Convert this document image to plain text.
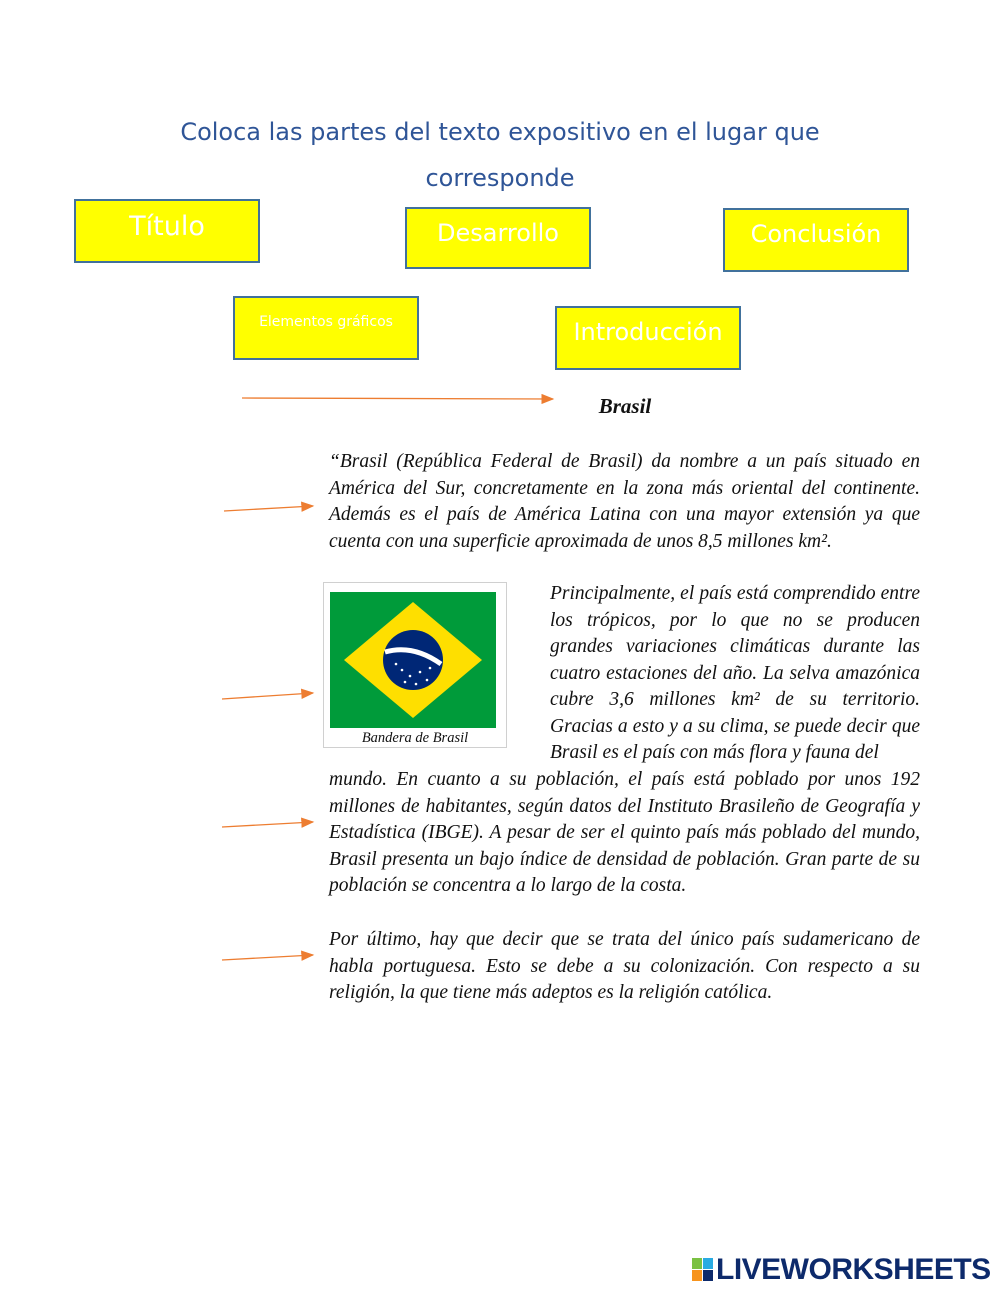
Coloca las partes del texto expositivo en el lugar que
corresponde
Título	Desarrollo	Conclusión
Elementos gráficos	Introducción
Brasil
“Brasil (República Federal de Brasil) da nombre a un país situado en América del Sur, concretamente en la zona más oriental del continente. Además es el país de América Latina con una mayor extensión ya que cuenta con una superficie aproximada de unos 8,5 millones km².
Bandera de Brasil
Principalmente, el país está comprendido entre los trópicos, por lo que no se producen grandes variaciones climáticas durante las cuatro estaciones del año. La selva amazónica cubre 3,6 millones km² de su territorio. Gracias a esto y a su clima, se puede decir que Brasil es el país con más flora y fauna del
mundo. En cuanto a su población, el país está poblado por unos 192 millones de habitantes, según datos del Instituto Brasileño de Geografía y Estadística (IBGE). A pesar de ser el quinto país más poblado del mundo, Brasil presenta un bajo índice de densidad de población. Gran parte de su población se concentra a lo largo de la costa.
Por último, hay que decir que se trata del único país sudamericano de habla portuguesa. Esto se debe a su colonización. Con respecto a su religión, la que tiene más adeptos es la religión católica.
LIVEWORKSHEETS
